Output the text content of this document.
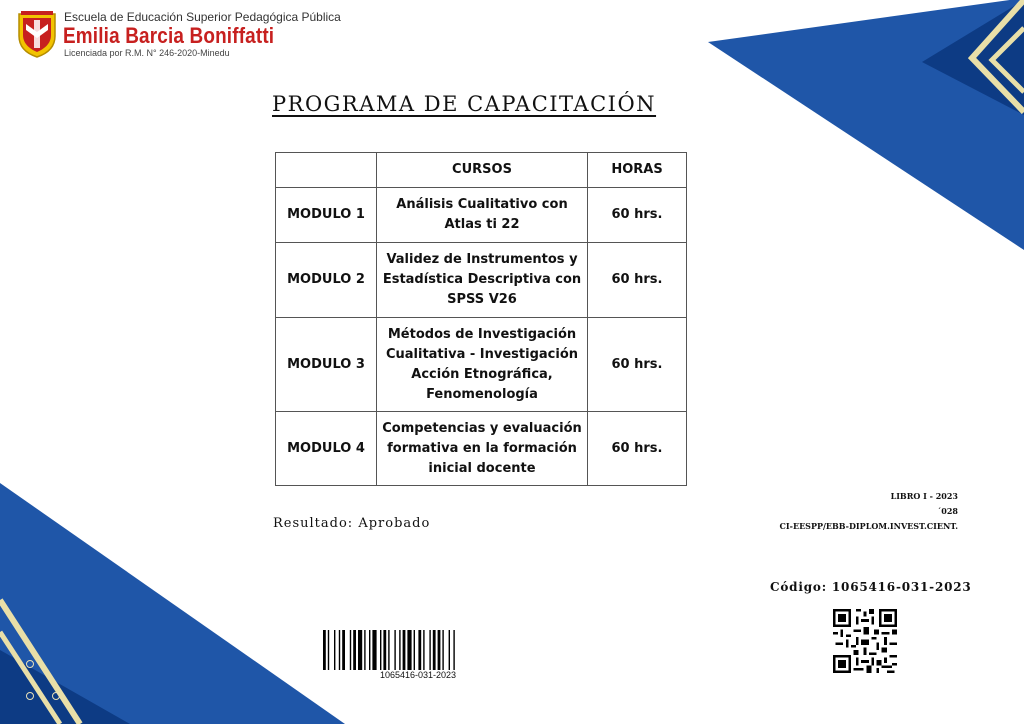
Escuela de Educación Superior Pedagógica Pública
Emilia Barcia Boniffatti
Licenciada por R.M. N° 246-2020-Minedu
PROGRAMA DE CAPACITACIÓN
	CURSOS	HORAS
MODULO 1	Análisis Cualitativo con Atlas ti 22	60 hrs.
MODULO 2	Validez de Instrumentos y Estadística Descriptiva con SPSS V26	60 hrs.
MODULO 3	Métodos de Investigación Cualitativa - Investigación Acción Etnográfica, Fenomenología	60 hrs.
MODULO 4	Competencias y evaluación formativa en la formación inicial docente	60 hrs.
Resultado: Aprobado
LIBRO I - 2023
´028
CI-EESPP/EBB-DIPLOM.INVEST.CIENT.
Código: 1065416-031-2023
1065416-031-2023
